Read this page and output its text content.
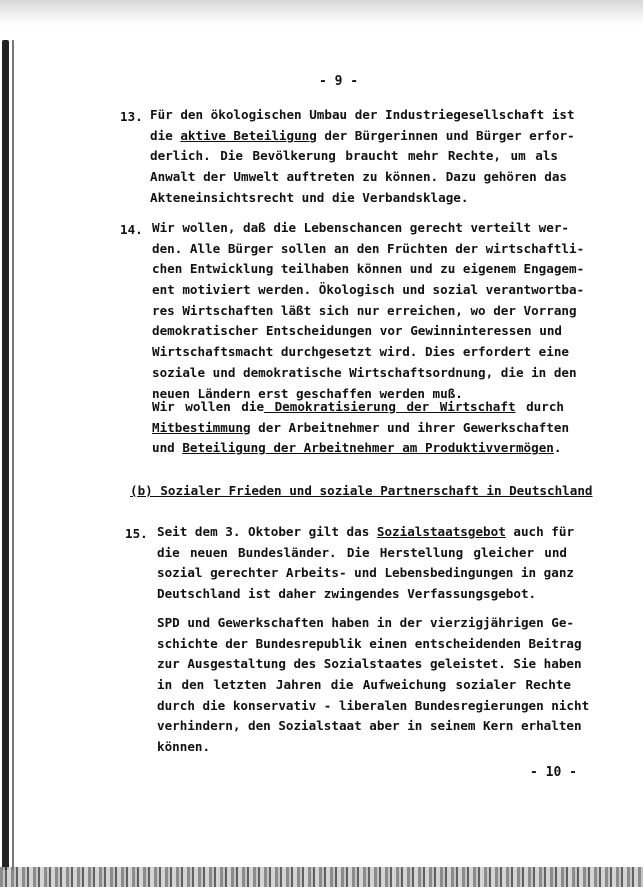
- 9 -
13. Für den ökologischen Umbau der Industriegesellschaft ist
die aktive Beteiligung der Bürgerinnen und Bürger erfor-
derlich. Die Bevölkerung braucht mehr Rechte, um als
Anwalt der Umwelt auftreten zu können. Dazu gehören das
Akteneinsichtsrecht und die Verbandsklage.
14. Wir wollen, daß die Lebenschancen gerecht verteilt wer-
den. Alle Bürger sollen an den Früchten der wirtschaftli-
chen Entwicklung teilhaben können und zu eigenem Engagem-
ent motiviert werden. Ökologisch und sozial verantwortba-
res Wirtschaften läßt sich nur erreichen, wo der Vorrang
demokratischer Entscheidungen vor Gewinninteressen und
Wirtschaftsmacht durchgesetzt wird. Dies erfordert eine
soziale und demokratische Wirtschaftsordnung, die in den
neuen Ländern erst geschaffen werden muß.
Wir wollen die Demokratisierung der Wirtschaft durch
Mitbestimmung der Arbeitnehmer und ihrer Gewerkschaften
und Beteiligung der Arbeitnehmer am Produktivvermögen.
(b) Sozialer Frieden und soziale Partnerschaft in Deutschland
15. Seit dem 3. Oktober gilt das Sozialstaatsgebot auch für
die neuen Bundesländer. Die Herstellung gleicher und
sozial gerechter Arbeits- und Lebensbedingungen in ganz
Deutschland ist daher zwingendes Verfassungsgebot.
SPD und Gewerkschaften haben in der vierzigjährigen Ge-
schichte der Bundesrepublik einen entscheidenden Beitrag
zur Ausgestaltung des Sozialstaates geleistet. Sie haben
in den letzten Jahren die Aufweichung sozialer Rechte
durch die konservativ - liberalen Bundesregierungen nicht
verhindern, den Sozialstaat aber in seinem Kern erhalten
können.
- 10 -
